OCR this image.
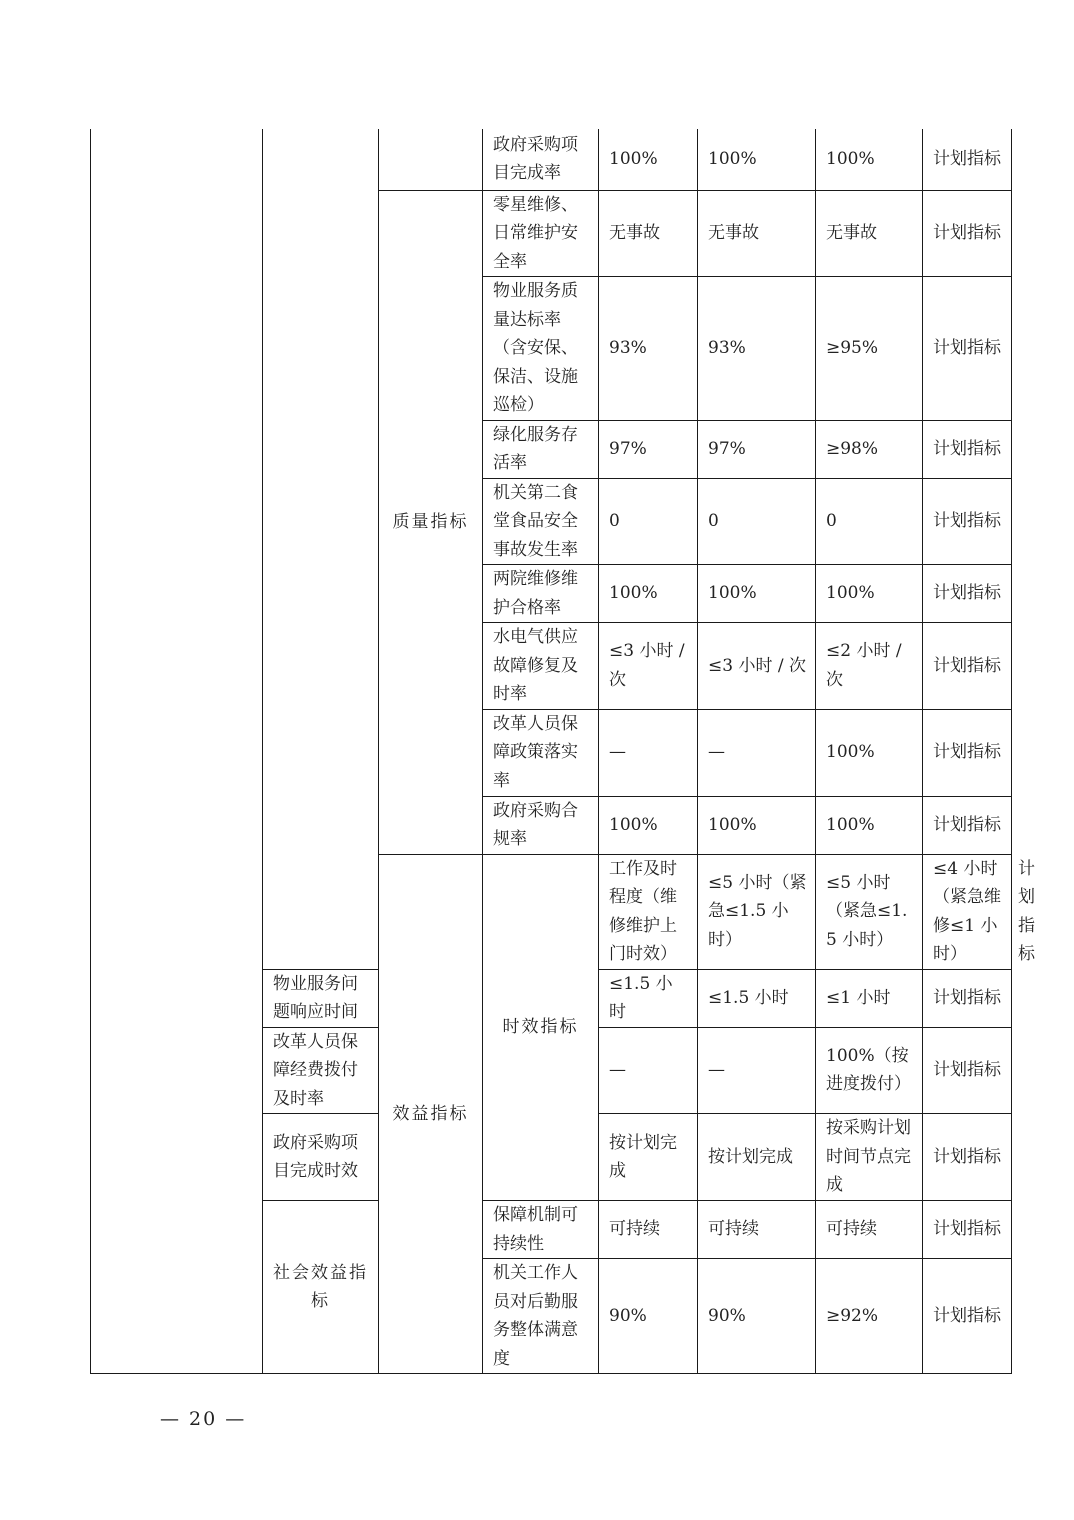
			政府采购项目完成率	100%	100%	100%	计划指标	
		质量指标	零星维修、日常维护安全率	无事故	无事故	无事故	计划指标	
			物业服务质量达标率（含安保、保洁、设施巡检）	93%	93%	≥95%	计划指标	
			绿化服务存活率	97%	97%	≥98%	计划指标	
			机关第二食堂食品安全事故发生率	0	0	0	计划指标	
			两院维修维护合格率	100%	100%	100%	计划指标	
			水电气供应故障修复及时率	≤3 小时 / 次	≤3 小时 / 次	≤2 小时 / 次	计划指标	
			改革人员保障政策落实率	—	—	100%	计划指标	
			政府采购合规率	100%	100%	100%	计划指标	
		效益指标	时效指标	工作及时程度（维修维护上门时效）	≤5 小时（紧急≤1.5 小时）	≤5 小时（紧急≤1.5 小时）	≤4 小时（紧急维修≤1 小时）	计划指标
	物业服务问题响应时间			≤1.5 小时	≤1.5 小时	≤1 小时	计划指标	
	改革人员保障经费拨付及时率			—	—	100%（按进度拨付）	计划指标	
	政府采购项目完成时效			按计划完成	按计划完成	按采购计划时间节点完成	计划指标	
	社会效益指标		保障机制可持续性	可持续	可持续	可持续	计划指标	
			机关工作人员对后勤服务整体满意度	90%	90%	≥92%	计划指标	
— 20 —
